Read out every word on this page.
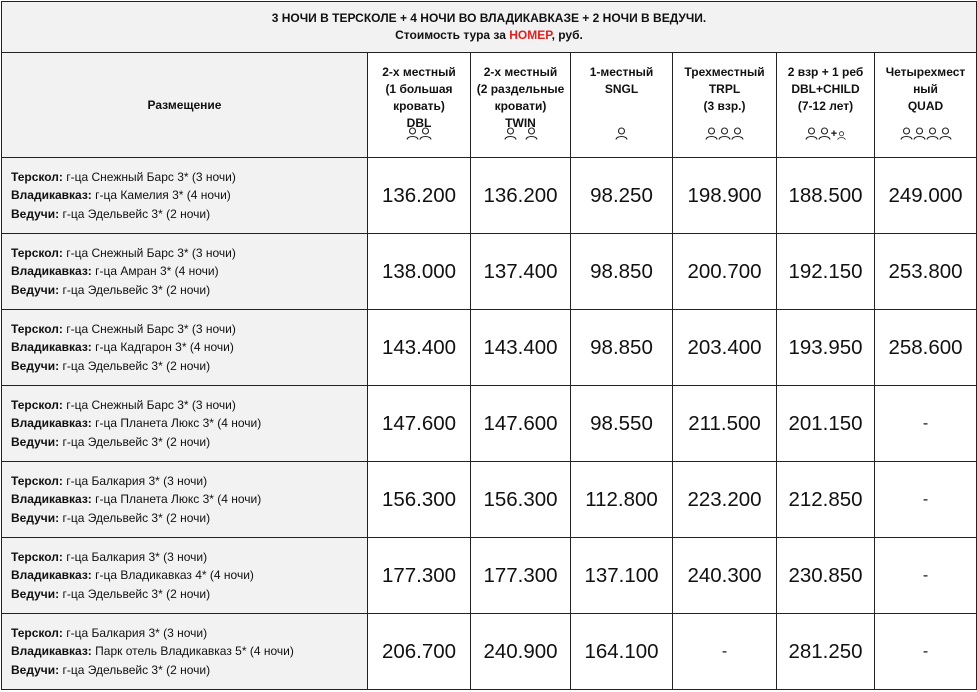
3 НОЧИ В ТЕРСКОЛЕ + 4 НОЧИ ВО ВЛАДИКАВКАЗЕ + 2 НОЧИ В ВЕДУЧИ.
Стоимость тура за НОМЕР, руб.						

Размещение	2-х местный
(1 большая
кровать)
DBL	2-х местный
(2 раздельные
кровати)
TWIN	1-местный
SNGL	Трехместный
TRPL
(3 взр.)	2 взр + 1 реб
DBL+CHILD
(7-12 лет)
+	Четырехмест
ный
QUAD

Терскол: г-ца Снежный Барс 3* (3 ночи)
Владикавказ: г-ца Камелия 3* (4 ночи)
Ведучи: г-ца Эдельвейс 3* (2 ночи)	136.200	136.200	98.250	198.900	188.500	249.000

Терскол: г-ца Снежный Барс 3* (3 ночи)
Владикавказ: г-ца Амран 3* (4 ночи)
Ведучи: г-ца Эдельвейс 3* (2 ночи)	138.000	137.400	98.850	200.700	192.150	253.800

Терскол: г-ца Снежный Барс 3* (3 ночи)
Владикавказ: г-ца Кадгарон 3* (4 ночи)
Ведучи: г-ца Эдельвейс 3* (2 ночи)	143.400	143.400	98.850	203.400	193.950	258.600

Терскол: г-ца Снежный Барс 3* (3 ночи)
Владикавказ: г-ца Планета Люкс 3* (4 ночи)
Ведучи: г-ца Эдельвейс 3* (2 ночи)	147.600	147.600	98.550	211.500	201.150	-

Терскол: г-ца Балкария 3* (3 ночи)
Владикавказ: г-ца Планета Люкс 3* (4 ночи)
Ведучи: г-ца Эдельвейс 3* (2 ночи)	156.300	156.300	112.800	223.200	212.850	-

Терскол: г-ца Балкария 3* (3 ночи)
Владикавказ: г-ца Владикавказ 4* (4 ночи)
Ведучи: г-ца Эдельвейс 3* (2 ночи)	177.300	177.300	137.100	240.300	230.850	-

Терскол: г-ца Балкария 3* (3 ночи)
Владикавказ: Парк отель Владикавказ 5* (4 ночи)
Ведучи: г-ца Эдельвейс 3* (2 ночи)	206.700	240.900	164.100	-	281.250	-
